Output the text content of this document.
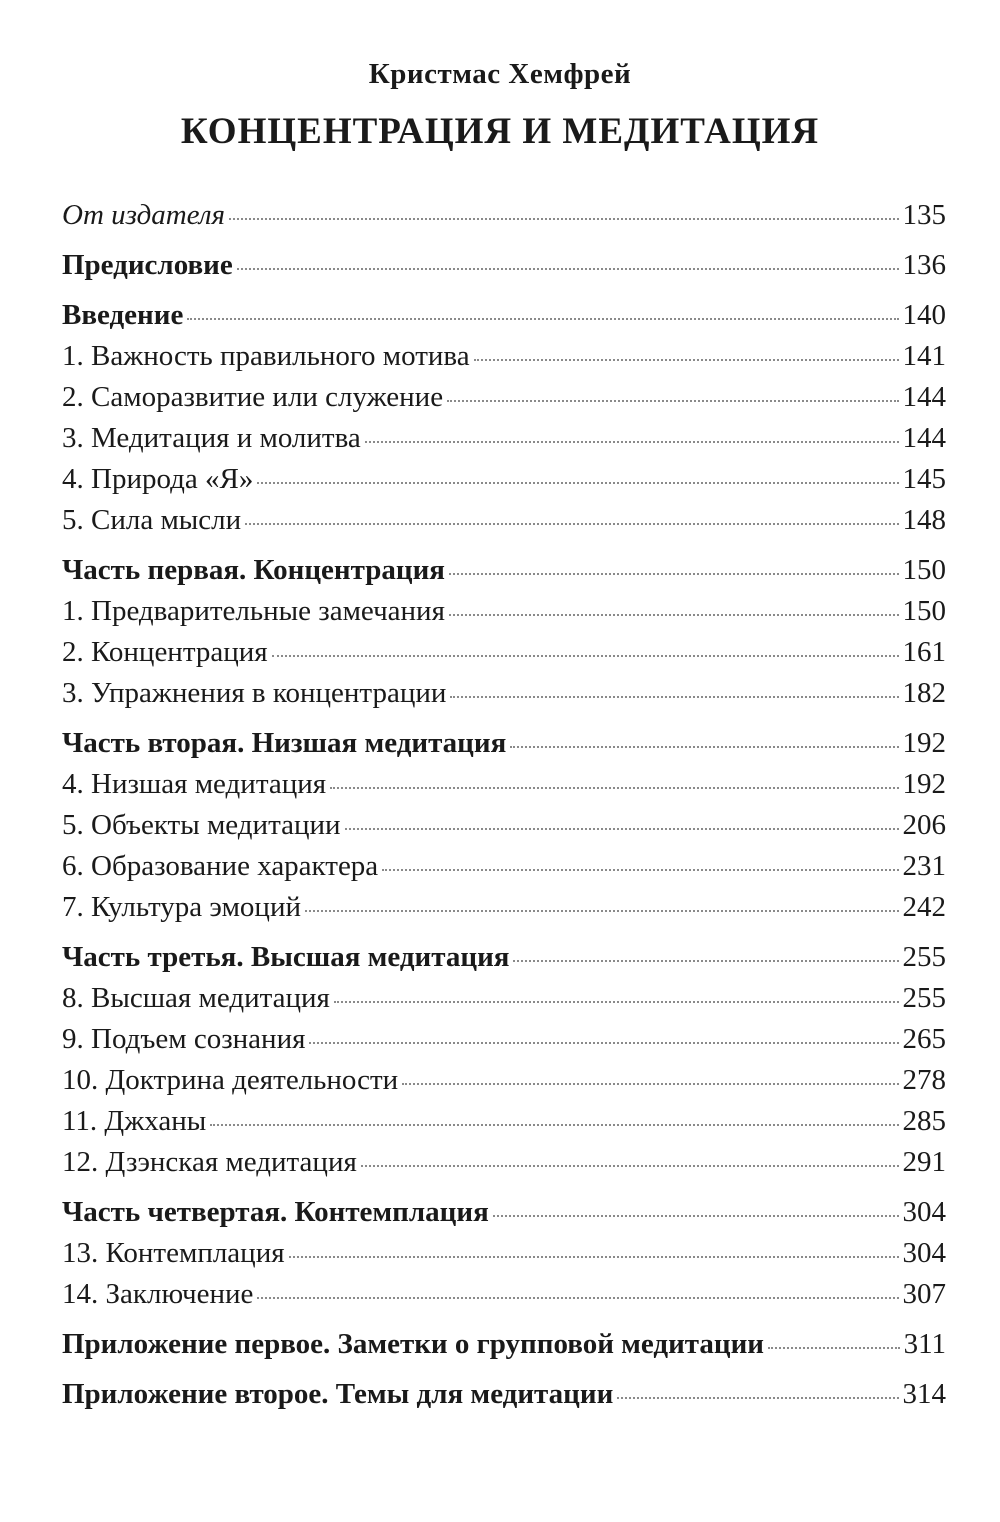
Кристмас Хемфрей
КОНЦЕНТРАЦИЯ И МЕДИТАЦИЯ
От издателя	135
Предисловие	136
Введение	140
1. Важность правильного мотива	141
2. Саморазвитие или служение	144
3. Медитация и молитва	144
4. Природа «Я»	145
5. Сила мысли	148
Часть первая. Концентрация	150
1. Предварительные замечания	150
2. Концентрация	161
3. Упражнения в концентрации	182
Часть вторая. Низшая медитация	192
4. Низшая медитация	192
5. Объекты медитации	206
6. Образование характера	231
7. Культура эмоций	242
Часть третья. Высшая медитация	255
8. Высшая медитация	255
9. Подъем сознания	265
10. Доктрина деятельности	278
11. Джханы	285
12. Дзэнская медитация	291
Часть четвертая. Контемплация	304
13. Контемплация	304
14. Заключение	307
Приложение первое. Заметки о групповой медитации	311
Приложение второе. Темы для медитации	314
